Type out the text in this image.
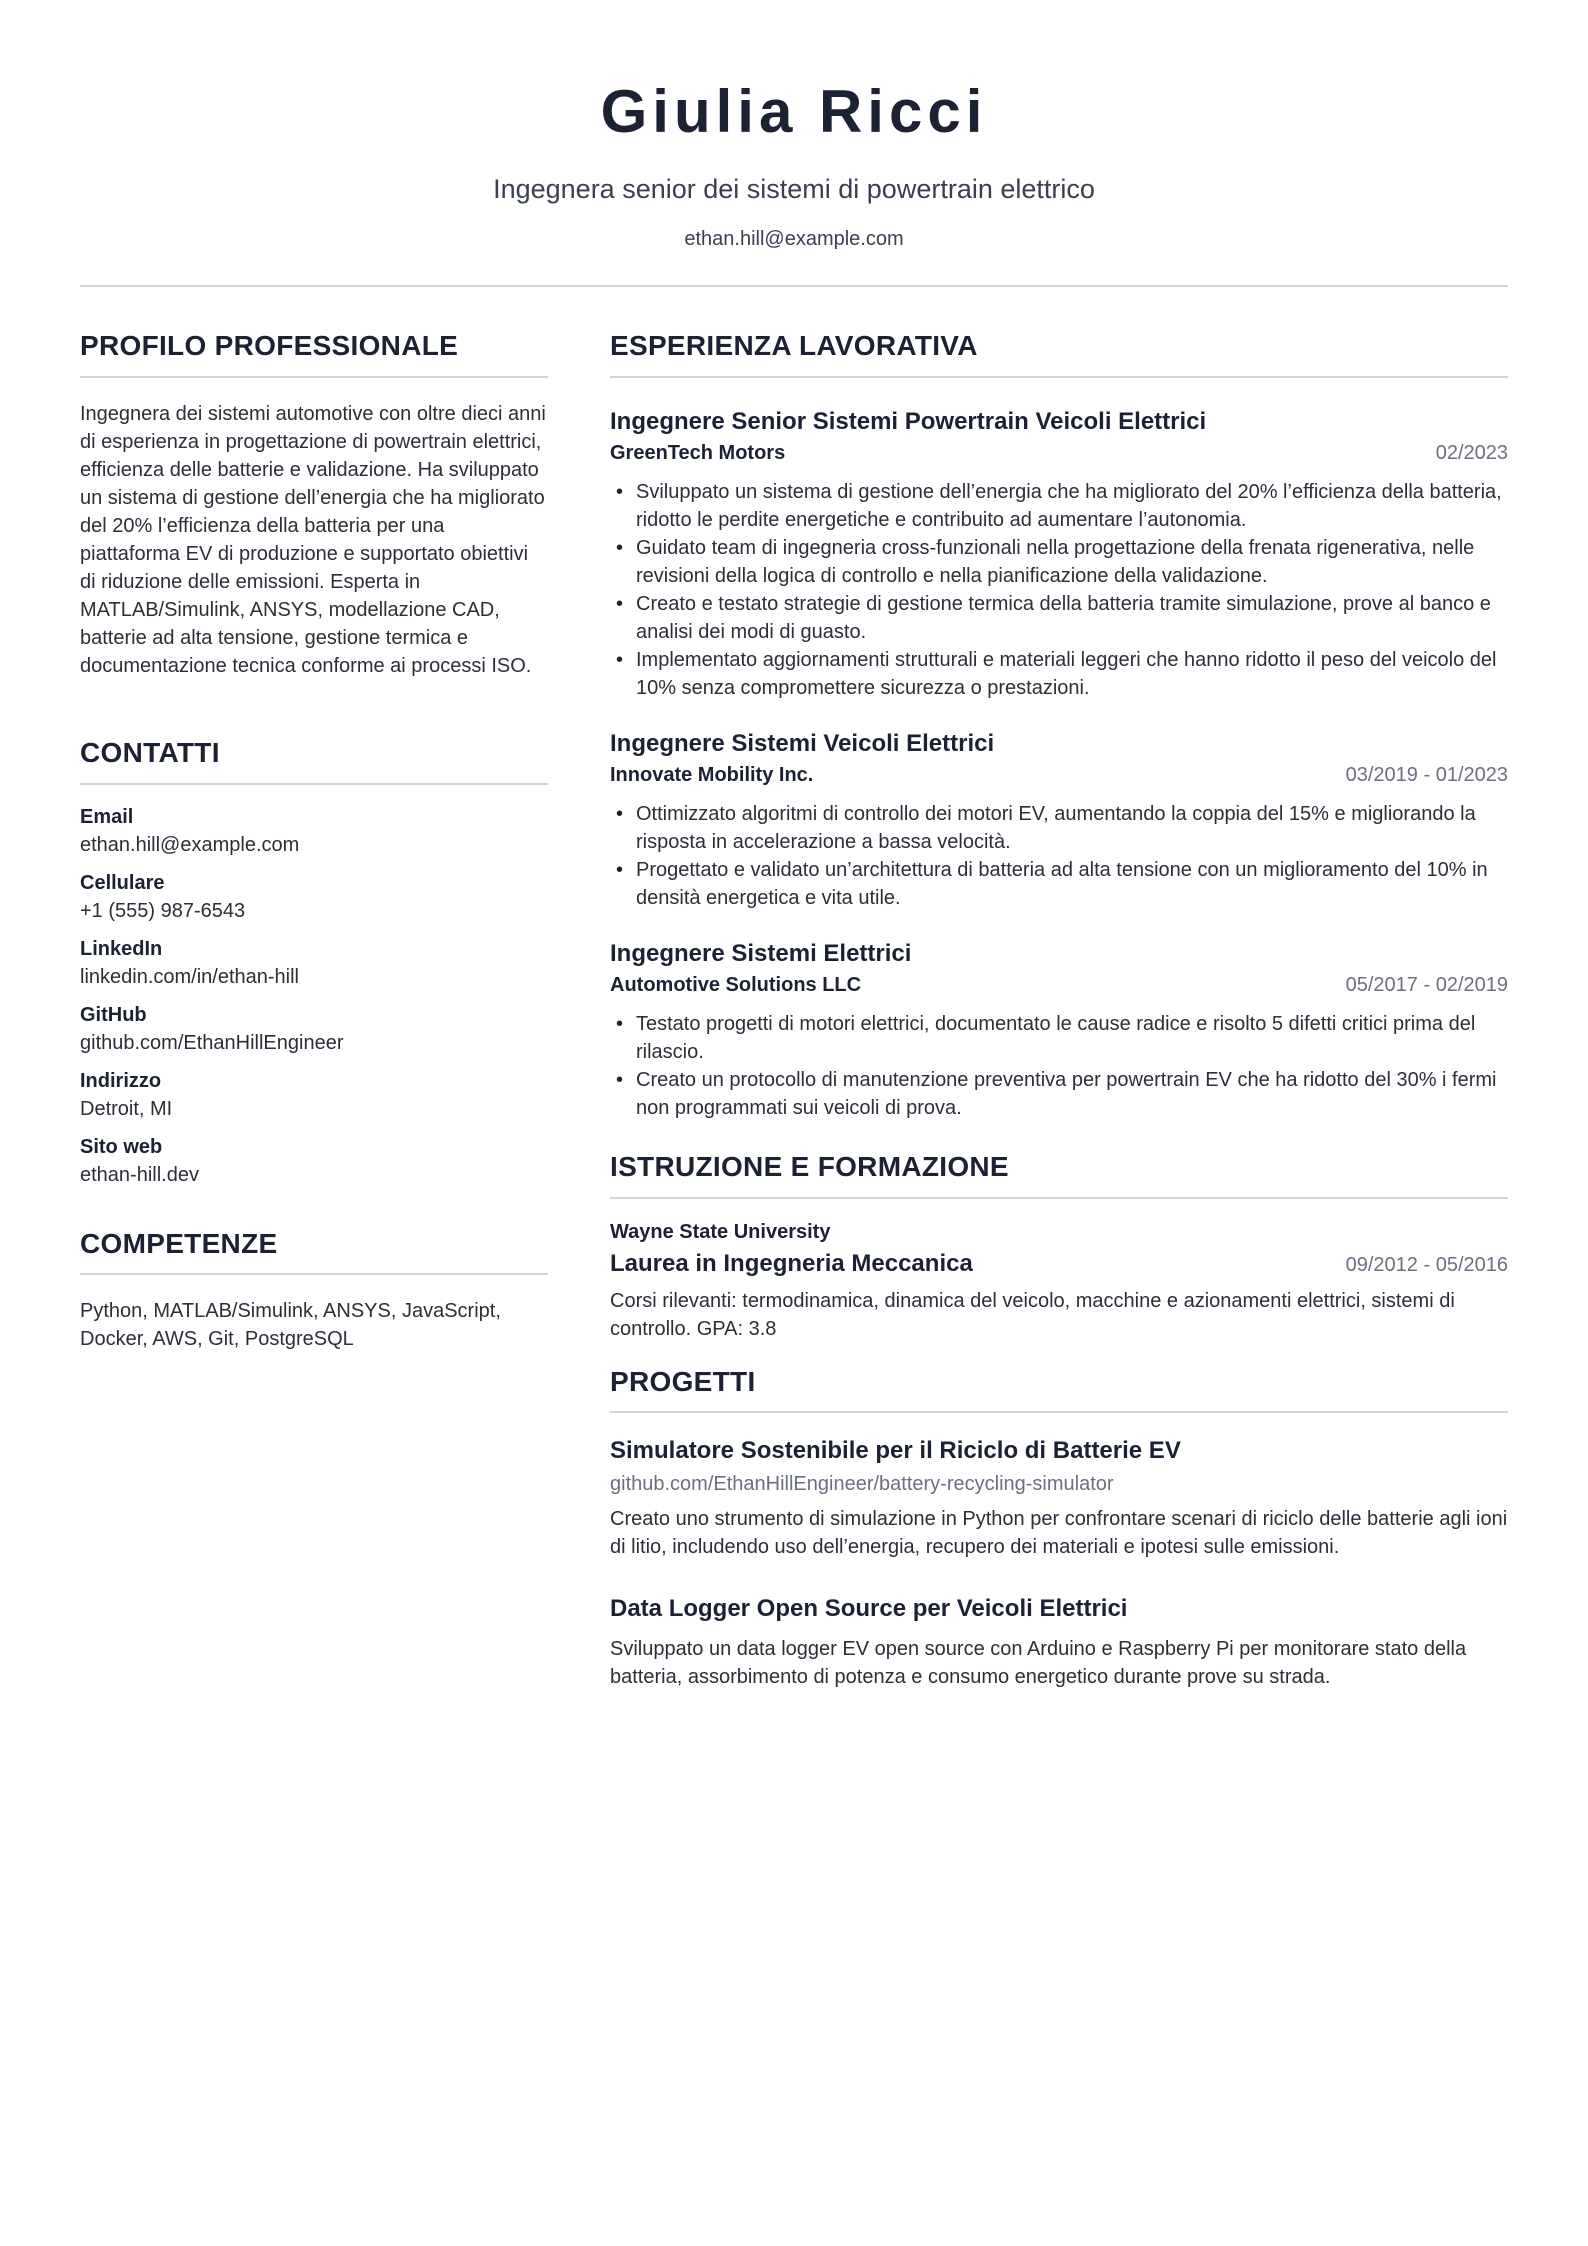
Giulia Ricci
Ingegnera senior dei sistemi di powertrain elettrico
ethan.hill@example.com
PROFILO PROFESSIONALE
Ingegnera dei sistemi automotive con oltre dieci anni di esperienza in progettazione di powertrain elettrici, efficienza delle batterie e validazione. Ha sviluppato un sistema di gestione dell’energia che ha migliorato del 20% l’efficienza della batteria per una piattaforma EV di produzione e supportato obiettivi di riduzione delle emissioni. Esperta in MATLAB/Simulink, ANSYS, modellazione CAD, batterie ad alta tensione, gestione termica e documentazione tecnica conforme ai processi ISO.
CONTATTI
Email
ethan.hill@example.com
Cellulare
+1 (555) 987-6543
LinkedIn
linkedin.com/in/ethan-hill
GitHub
github.com/EthanHillEngineer
Indirizzo
Detroit, MI
Sito web
ethan-hill.dev
COMPETENZE
Python, MATLAB/Simulink, ANSYS, JavaScript, Docker, AWS, Git, PostgreSQL
ESPERIENZA LAVORATIVA
Ingegnere Senior Sistemi Powertrain Veicoli Elettrici
GreenTech Motors	02/2023
• Sviluppato un sistema di gestione dell’energia che ha migliorato del 20% l’efficienza della batteria, ridotto le perdite energetiche e contribuito ad aumentare l’autonomia.
• Guidato team di ingegneria cross-funzionali nella progettazione della frenata rigenerativa, nelle revisioni della logica di controllo e nella pianificazione della validazione.
• Creato e testato strategie di gestione termica della batteria tramite simulazione, prove al banco e analisi dei modi di guasto.
• Implementato aggiornamenti strutturali e materiali leggeri che hanno ridotto il peso del veicolo del 10% senza compromettere sicurezza o prestazioni.
Ingegnere Sistemi Veicoli Elettrici
Innovate Mobility Inc.	03/2019 - 01/2023
• Ottimizzato algoritmi di controllo dei motori EV, aumentando la coppia del 15% e migliorando la risposta in accelerazione a bassa velocità.
• Progettato e validato un’architettura di batteria ad alta tensione con un miglioramento del 10% in densità energetica e vita utile.
Ingegnere Sistemi Elettrici
Automotive Solutions LLC	05/2017 - 02/2019
• Testato progetti di motori elettrici, documentato le cause radice e risolto 5 difetti critici prima del rilascio.
• Creato un protocollo di manutenzione preventiva per powertrain EV che ha ridotto del 30% i fermi non programmati sui veicoli di prova.
ISTRUZIONE E FORMAZIONE
Wayne State University
Laurea in Ingegneria Meccanica	09/2012 - 05/2016
Corsi rilevanti: termodinamica, dinamica del veicolo, macchine e azionamenti elettrici, sistemi di controllo. GPA: 3.8
PROGETTI
Simulatore Sostenibile per il Riciclo di Batterie EV
github.com/EthanHillEngineer/battery-recycling-simulator
Creato uno strumento di simulazione in Python per confrontare scenari di riciclo delle batterie agli ioni di litio, includendo uso dell’energia, recupero dei materiali e ipotesi sulle emissioni.
Data Logger Open Source per Veicoli Elettrici
Sviluppato un data logger EV open source con Arduino e Raspberry Pi per monitorare stato della batteria, assorbimento di potenza e consumo energetico durante prove su strada.
